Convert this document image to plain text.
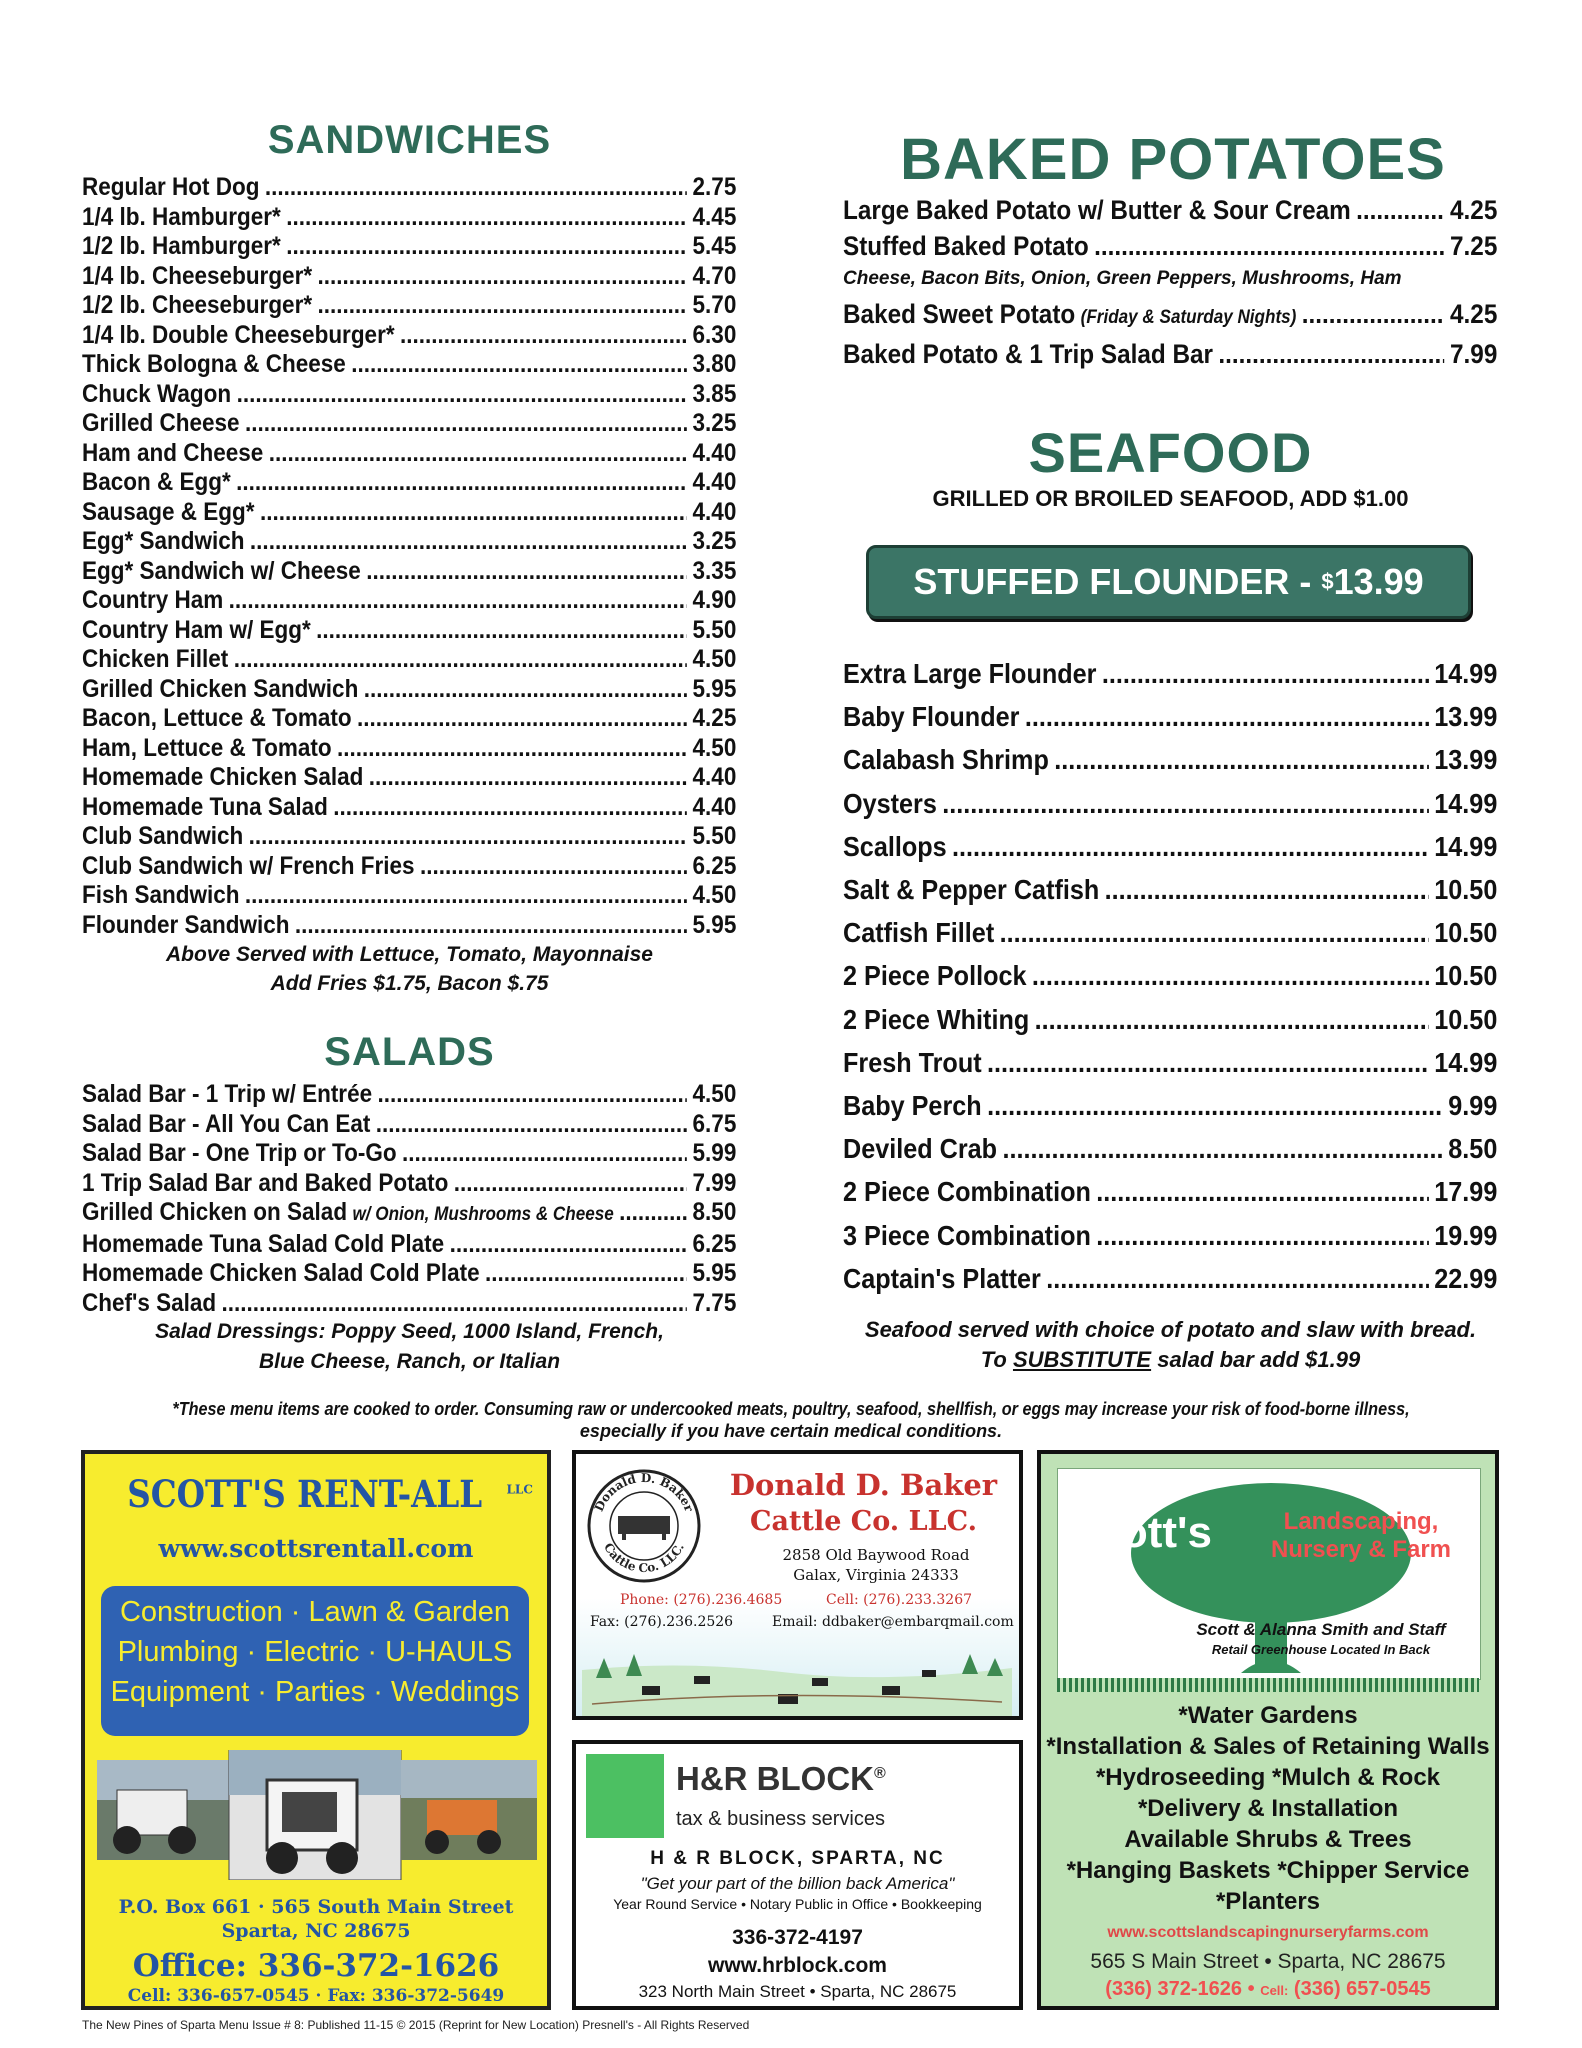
SANDWICHES
Regular Hot Dog .....	2.75
1/4 lb. Hamburger* .....	4.45
1/2 lb. Hamburger* .....	5.45
1/4 lb. Cheeseburger* .....	4.70
1/2 lb. Cheeseburger* .....	5.70
1/4 lb. Double Cheeseburger* .....	6.30
Thick Bologna & Cheese .....	3.80
Chuck Wagon .....	3.85
Grilled Cheese .....	3.25
Ham and Cheese .....	4.40
Bacon & Egg* .....	4.40
Sausage & Egg* .....	4.40
Egg* Sandwich .....	3.25
Egg* Sandwich w/ Cheese .....	3.35
Country Ham .....	4.90
Country Ham w/ Egg* .....	5.50
Chicken Fillet .....	4.50
Grilled Chicken Sandwich .....	5.95
Bacon, Lettuce & Tomato .....	4.25
Ham, Lettuce & Tomato .....	4.50
Homemade Chicken Salad .....	4.40
Homemade Tuna Salad .....	4.40
Club Sandwich .....	5.50
Club Sandwich w/ French Fries .....	6.25
Fish Sandwich .....	4.50
Flounder Sandwich .....	5.95
Above Served with Lettuce, Tomato, Mayonnaise
Add Fries $1.75, Bacon $.75
SALADS
Salad Bar - 1 Trip w/ Entrée .....	4.50
Salad Bar - All You Can Eat .....	6.75
Salad Bar - One Trip or To-Go .....	5.99
1 Trip Salad Bar and Baked Potato .....	7.99
Grilled Chicken on Salad w/ Onion, Mushrooms & Cheese .....	8.50
Homemade Tuna Salad Cold Plate .....	6.25
Homemade Chicken Salad Cold Plate .....	5.95
Chef's Salad .....	7.75
Salad Dressings: Poppy Seed, 1000 Island, French,
Blue Cheese, Ranch, or Italian
BAKED POTATOES
Large Baked Potato w/ Butter & Sour Cream .....	4.25
Stuffed Baked Potato .....	7.25
Cheese, Bacon Bits, Onion, Green Peppers, Mushrooms, Ham
Baked Sweet Potato (Friday & Saturday Nights) .....	4.25
Baked Potato & 1 Trip Salad Bar .....	7.99
SEAFOOD
GRILLED OR BROILED SEAFOOD, ADD $1.00
STUFFED FLOUNDER - $ 13.99
Extra Large Flounder .....	14.99
Baby Flounder .....	13.99
Calabash Shrimp .....	13.99
Oysters .....	14.99
Scallops .....	14.99
Salt & Pepper Catfish .....	10.50
Catfish Fillet .....	10.50
2 Piece Pollock .....	10.50
2 Piece Whiting .....	10.50
Fresh Trout .....	14.99
Baby Perch .....	9.99
Deviled Crab .....	8.50
2 Piece Combination .....	17.99
3 Piece Combination .....	19.99
Captain's Platter .....	22.99
Seafood served with choice of potato and slaw with bread.
To SUBSTITUTE salad bar add $1.99
*These menu items are cooked to order. Consuming raw or undercooked meats, poultry, seafood, shellfish, or eggs may increase your risk of food-borne illness,
especially if you have certain medical conditions.
SCOTT'S RENT-ALL $^{LLC}$
www.scottsrentall.com
Construction · Lawn & Garden
Plumbing · Electric · U-HAULS
Equipment · Parties · Weddings
P.O. Box 661 · 565 South Main Street
Sparta, NC 28675
Office: 336-372-1626
Cell: 336-657-0545 · Fax: 336-372-5649
Donald D. Baker
Cattle Co. LLC.
Donald D. Baker
Cattle Co. LLC.
2858 Old Baywood Road
Galax, Virginia 24333
Phone: (276).236.4685	Cell: (276).233.3267
Fax: (276).236.2526	Email: ddbaker@embarqmail.com
H&R BLOCK®
tax & business services
H & R BLOCK, SPARTA, NC
"Get your part of the billion back America"
Year Round Service • Notary Public in Office • Bookkeeping
336-372-4197
www.hrblock.com
323 North Main Street • Sparta, NC 28675
Scott's	Landscaping,
Nursery & Farm
Scott & Alanna Smith and Staff
Retail Greenhouse Located In Back
*Water Gardens
*Installation & Sales of Retaining Walls
*Hydroseeding *Mulch & Rock
*Delivery & Installation
Available Shrubs & Trees
*Hanging Baskets *Chipper Service
*Planters
www.scottslandscapingnurseryfarms.com
565 S Main Street • Sparta, NC 28675
(336) 372-1626 • Cell: (336) 657-0545
The New Pines of Sparta Menu Issue # 8: Published 11-15 © 2015 (Reprint for New Location) Presnell's - All Rights Reserved
